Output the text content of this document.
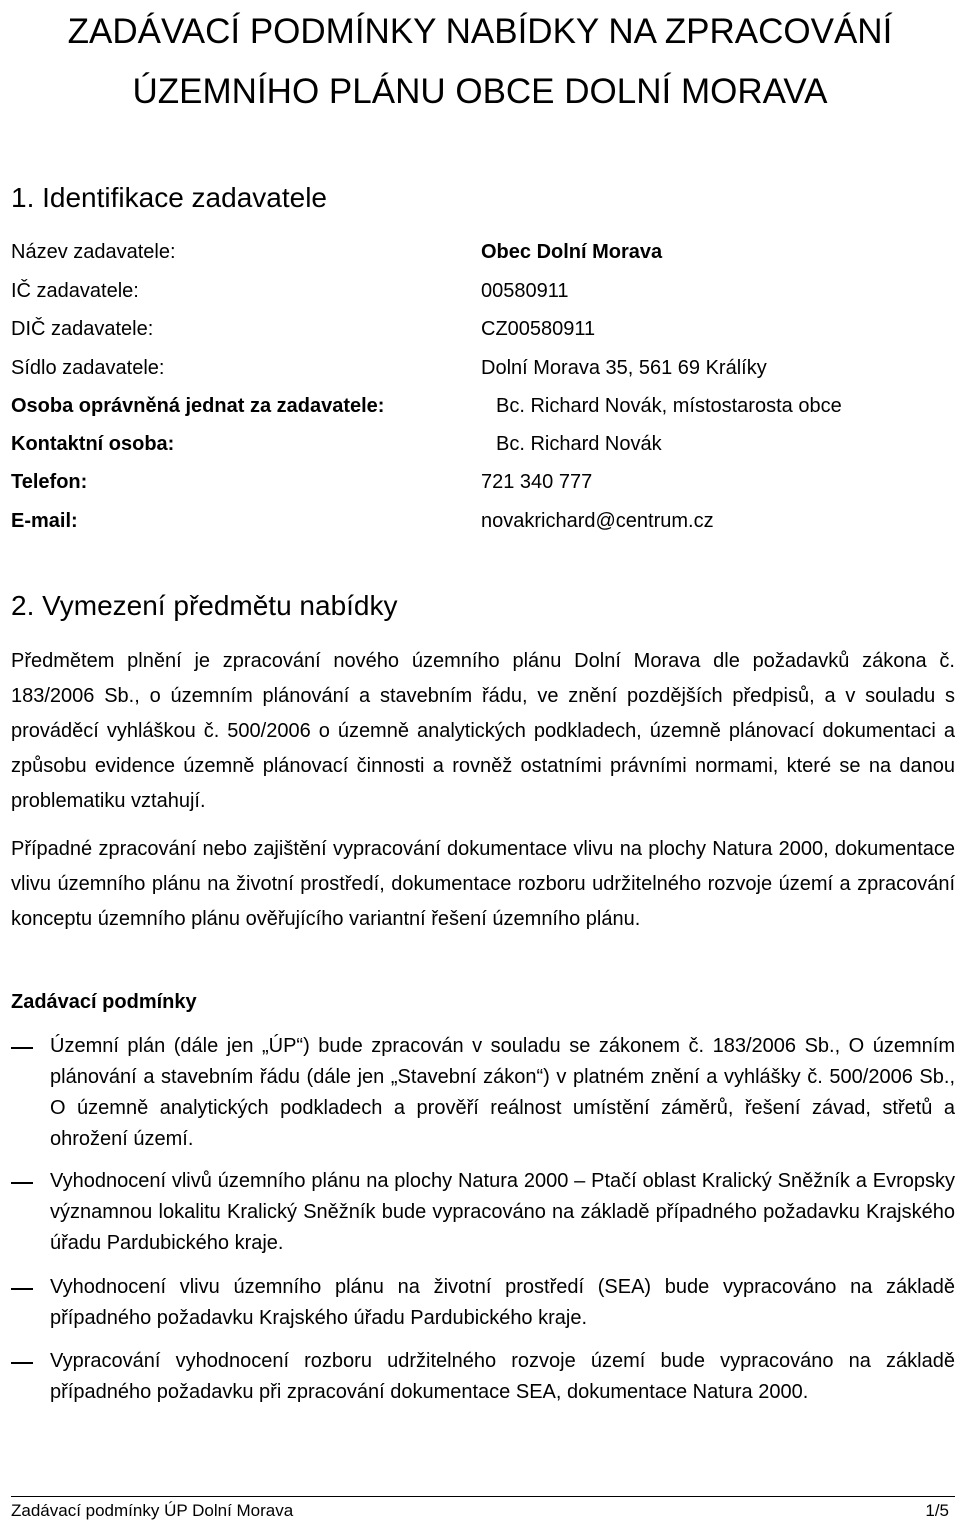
ZADÁVACÍ PODMÍNKY NABÍDKY NA ZPRACOVÁNÍ
ÚZEMNÍHO PLÁNU OBCE DOLNÍ MORAVA
1. Identifikace zadavatele
Název zadavatele:	Obec Dolní Morava
IČ zadavatele:	00580911
DIČ zadavatele:	CZ00580911
Sídlo zadavatele:	Dolní Morava 35, 561 69 Králíky
Osoba oprávněná jednat za zadavatele:	Bc. Richard Novák, místostarosta obce
Kontaktní osoba:	Bc. Richard Novák
Telefon:	721 340 777
E-mail:	novakrichard@centrum.cz
2. Vymezení předmětu nabídky

Předmětem plnění je zpracování nového územního plánu Dolní Morava dle požadavků zákona č. 183/2006 Sb., o územním plánování a stavebním řádu, ve znění pozdějších předpisů, a v souladu s prováděcí vyhláškou č. 500/2006 o územně analytických podkladech, územně plánovací dokumentaci a způsobu evidence územně plánovací činnosti a rovněž ostatními právními normami, které se na danou problematiku vztahují.

Případné zpracování nebo zajištění vypracování dokumentace vlivu na plochy Natura 2000, dokumentace vlivu územního plánu na životní prostředí, dokumentace rozboru udržitelného rozvoje území a zpracování konceptu územního plánu ověřujícího variantní řešení územního plánu.

Zadávací podmínky

Územní plán (dále jen „ÚP“) bude zpracován v souladu se zákonem č. 183/2006 Sb., O územním plánování a stavebním řádu (dále jen „Stavební zákon“) v platném znění a vyhlášky č. 500/2006 Sb., O územně analytických podkladech a prověří reálnost umístění záměrů, řešení závad, střetů a ohrožení území.

Vyhodnocení vlivů územního plánu na plochy Natura 2000 – Ptačí oblast Kralický Sněžník a Evropsky významnou lokalitu Kralický Sněžník bude vypracováno na základě případného požadavku Krajského úřadu Pardubického kraje.

Vyhodnocení vlivu územního plánu na životní prostředí (SEA) bude vypracováno na základě případného požadavku Krajského úřadu Pardubického kraje.

Vypracování vyhodnocení rozboru udržitelného rozvoje území bude vypracováno na základě případného požadavku při zpracování dokumentace SEA, dokumentace Natura 2000.

Zadávací podmínky ÚP Dolní Morava	1/5
